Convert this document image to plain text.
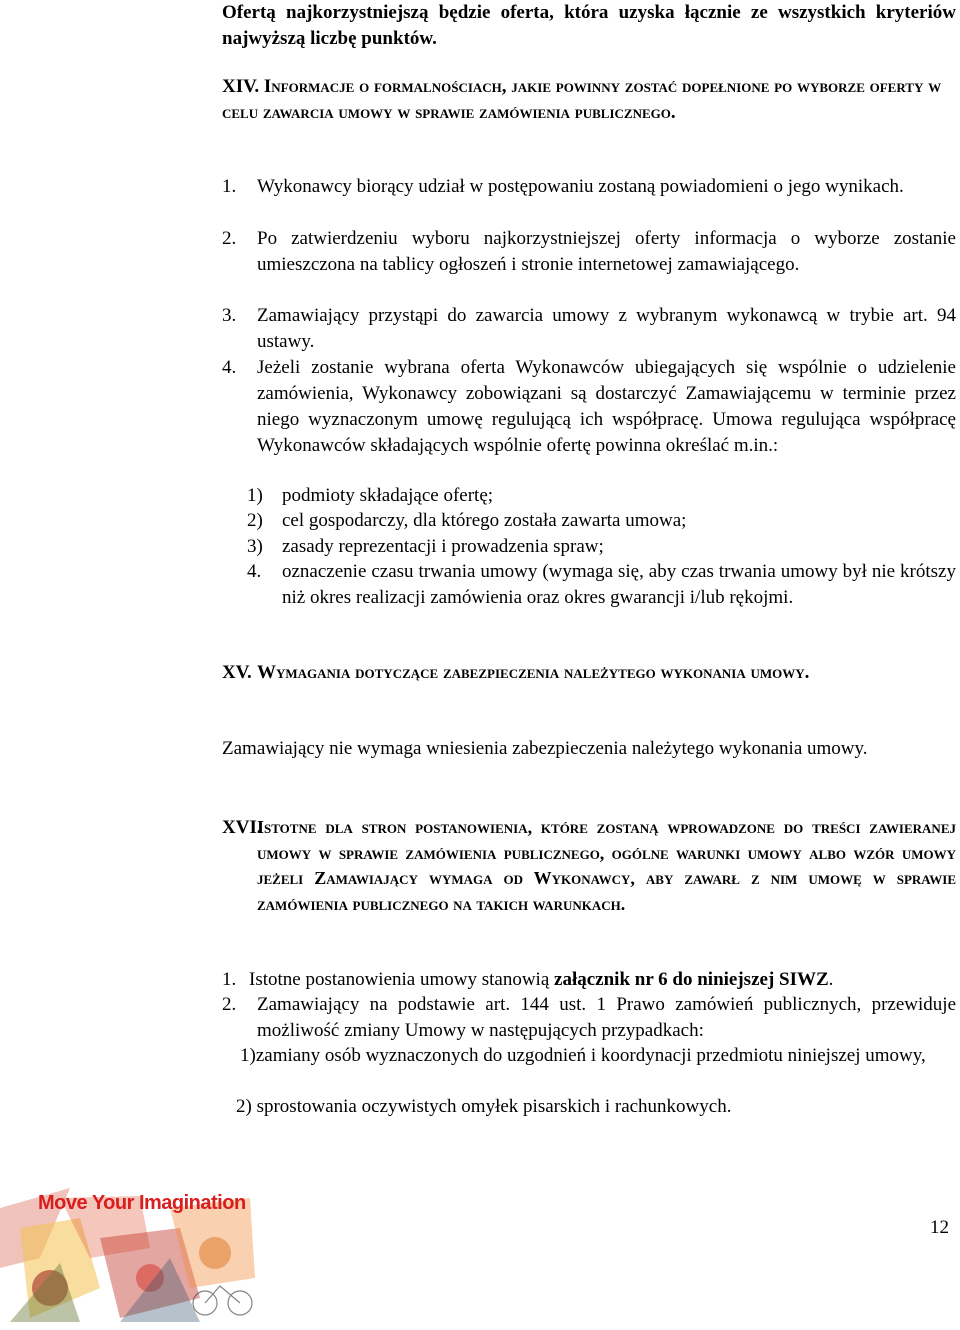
Ofertą najkorzystniejszą będzie oferta, która uzyska łącznie ze wszystkich kryteriów najwyższą liczbę punktów.
XIV. Informacje o formalnościach, jakie powinny zostać dopełnione po wyborze oferty w celu zawarcia umowy w sprawie zamówienia publicznego.
1. Wykonawcy biorący udział w postępowaniu zostaną powiadomieni o jego wynikach.
2. Po zatwierdzeniu wyboru najkorzystniejszej oferty informacja o wyborze zostanie umieszczona na tablicy ogłoszeń i stronie internetowej zamawiającego.
3. Zamawiający przystąpi do zawarcia umowy z wybranym wykonawcą w trybie art. 94 ustawy.
4. Jeżeli zostanie wybrana oferta Wykonawców ubiegających się wspólnie o udzielenie zamówienia, Wykonawcy zobowiązani są dostarczyć Zamawiającemu w terminie przez niego wyznaczonym umowę regulującą ich współpracę. Umowa regulująca współpracę Wykonawców składających wspólnie ofertę powinna określać m.in.:
1) podmioty składające ofertę;
2) cel gospodarczy, dla którego została zawarta umowa;
3) zasady reprezentacji i prowadzenia spraw;
4. oznaczenie czasu trwania umowy (wymaga się, aby czas trwania umowy był nie krótszy niż okres realizacji zamówienia oraz okres gwarancji i/lub rękojmi.
XV. Wymagania dotyczące zabezpieczenia należytego wykonania umowy.
Zamawiający nie wymaga wniesienia zabezpieczenia należytego wykonania umowy.
XVI.
Istotne dla stron postanowienia, które zostaną wprowadzone do treści zawieranej umowy w sprawie zamówienia publicznego, ogólne warunki umowy albo wzór umowy jeżeli Zamawiający wymaga od Wykonawcy, aby zawarł z nim umowę w sprawie zamówienia publicznego na takich warunkach.
1. Istotne postanowienia umowy stanowią załącznik nr 6 do niniejszej SIWZ.
2. Zamawiający na podstawie art. 144 ust. 1 Prawo zamówień publicznych, przewiduje możliwość zmiany Umowy w następujących przypadkach:
1)zamiany osób wyznaczonych do uzgodnień i koordynacji przedmiotu niniejszej umowy,
2) sprostowania oczywistych omyłek pisarskich i rachunkowych.
Move Your Imagination
12
